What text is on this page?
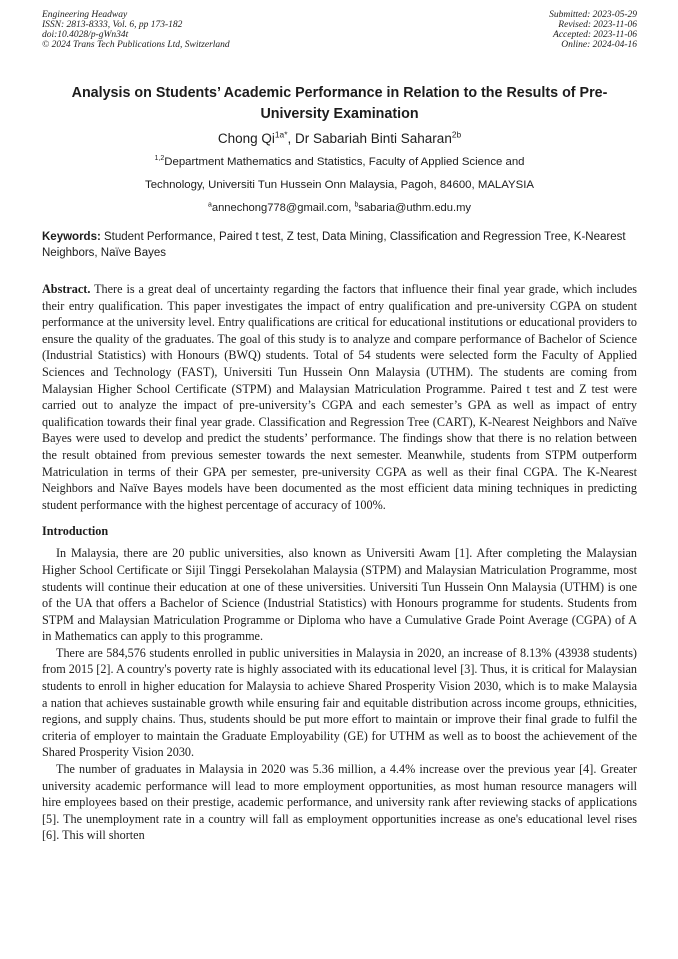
Engineering Headway
ISSN: 2813-8333, Vol. 6, pp 173-182
doi:10.4028/p-gWn34t
© 2024 Trans Tech Publications Ltd, Switzerland
Submitted: 2023-05-29
Revised: 2023-11-06
Accepted: 2023-11-06
Online: 2024-04-16
Analysis on Students’ Academic Performance in Relation to the Results of Pre-University Examination
Chong $Qi^{1a*}$, Dr Sabariah Binti Saharan$^{2b}$
$^{1,2}$Department Mathematics and Statistics, Faculty of Applied Science and
Technology, Universiti Tun Hussein Onn Malaysia, Pagoh, 84600, MALAYSIA
$^a$annechong778@gmail.com, $^b$sabaria@uthm.edu.my

Keywords: Student Performance, Paired t test, Z test, Data Mining, Classification and Regression Tree, K-Nearest Neighbors, Naïve Bayes

Abstract. There is a great deal of uncertainty regarding the factors that influence their final year grade, which includes their entry qualification. This paper investigates the impact of entry qualification and pre-university CGPA on student performance at the university level. Entry qualifications are critical for educational institutions or educational providers to ensure the quality of the graduates. The goal of this study is to analyze and compare performance of Bachelor of Science (Industrial Statistics) with Honours (BWQ) students. Total of 54 students were selected form the Faculty of Applied Sciences and Technology (FAST), Universiti Tun Hussein Onn Malaysia (UTHM). The students are coming from Malaysian Higher School Certificate (STPM) and Malaysian Matriculation Programme. Paired t test and Z test were carried out to analyze the impact of pre-university’s CGPA and each semester’s GPA as well as impact of entry qualification towards their final year grade. Classification and Regression Tree (CART), K-Nearest Neighbors and Naïve Bayes were used to develop and predict the students’ performance. The findings show that there is no relation between the result obtained from previous semester towards the next semester. Meanwhile, students from STPM outperform Matriculation in terms of their GPA per semester, pre-university CGPA as well as their final CGPA. The K-Nearest Neighbors and Naïve Bayes models have been documented as the most efficient data mining techniques in predicting student performance with the highest percentage of accuracy of 100%.

Introduction

In Malaysia, there are 20 public universities, also known as Universiti Awam [1]. After completing the Malaysian Higher School Certificate or Sijil Tinggi Persekolahan Malaysia (STPM) and Malaysian Matriculation Programme, most students will continue their education at one of these universities. Universiti Tun Hussein Onn Malaysia (UTHM) is one of the UA that offers a Bachelor of Science (Industrial Statistics) with Honours programme for students. Students from STPM and Malaysian Matriculation Programme or Diploma who have a Cumulative Grade Point Average (CGPA) of A in Mathematics can apply to this programme.

There are 584,576 students enrolled in public universities in Malaysia in 2020, an increase of 8.13% (43938 students) from 2015 [2]. A country's poverty rate is highly associated with its educational level [3]. Thus, it is critical for Malaysian students to enroll in higher education for Malaysia to achieve Shared Prosperity Vision 2030, which is to make Malaysia a nation that achieves sustainable growth while ensuring fair and equitable distribution across income groups, ethnicities, regions, and supply chains. Thus, students should be put more effort to maintain or improve their final grade to fulfil the criteria of employer to maintain the Graduate Employability (GE) for UTHM as well as to boost the achievement of the Shared Prosperity Vision 2030.

The number of graduates in Malaysia in 2020 was 5.36 million, a 4.4% increase over the previous year [4]. Greater university academic performance will lead to more employment opportunities, as most human resource managers will hire employees based on their prestige, academic performance, and university rank after reviewing stacks of applications [5]. The unemployment rate in a country will fall as employment opportunities increase as one's educational level rises [6]. This will shorten
